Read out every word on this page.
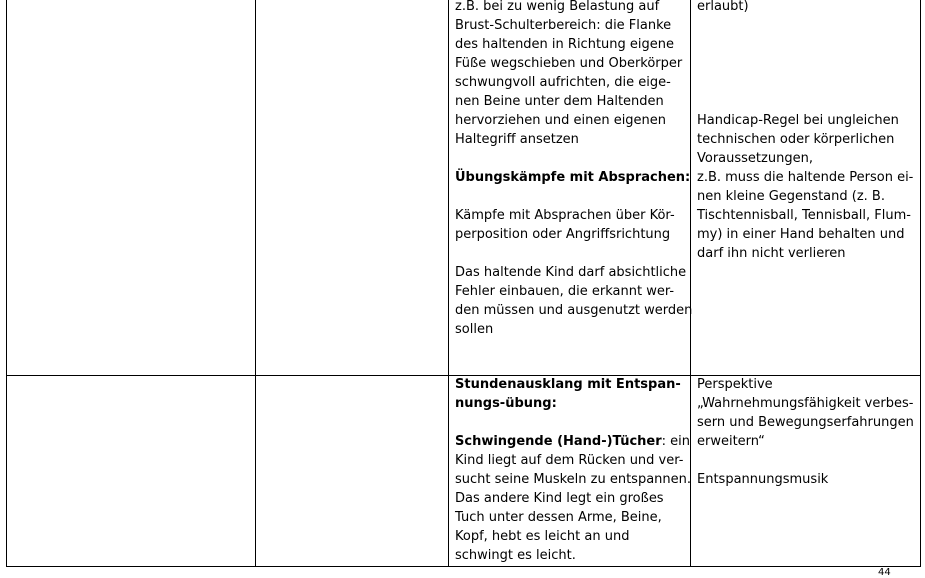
z.B. bei zu wenig Belastung auf

Brust-Schulterbereich: die Flanke

des haltenden in Richtung eigene

Füße wegschieben und Oberkörper

schwungvoll aufrichten, die eige-

nen Beine unter dem Haltenden

hervorziehen und einen eigenen

Haltegriff ansetzen

Übungskämpfe mit Absprachen:

Kämpfe mit Absprachen über Kör-

perposition oder Angriffsrichtung

Das haltende Kind darf absichtliche

Fehler einbauen, die erkannt wer-

den müssen und ausgenutzt werden

sollen

erlaubt)

Handicap-Regel bei ungleichen

technischen oder körperlichen

Voraussetzungen,

z.B. muss die haltende Person ei-

nen kleine Gegenstand (z. B.

Tischtennisball, Tennisball, Flum-

my) in einer Hand behalten und

darf ihn nicht verlieren

Stundenausklang mit Entspan-

nungs-übung:

Schwingende (Hand-)Tücher: ein

Kind liegt auf dem Rücken und ver-

sucht seine Muskeln zu entspannen.

Das andere Kind legt ein großes

Tuch unter dessen Arme, Beine,

Kopf, hebt es leicht an und

schwingt es leicht.

Perspektive

„Wahrnehmungsfähigkeit verbes-

sern und Bewegungserfahrungen

erweitern“

Entspannungsmusik

44
